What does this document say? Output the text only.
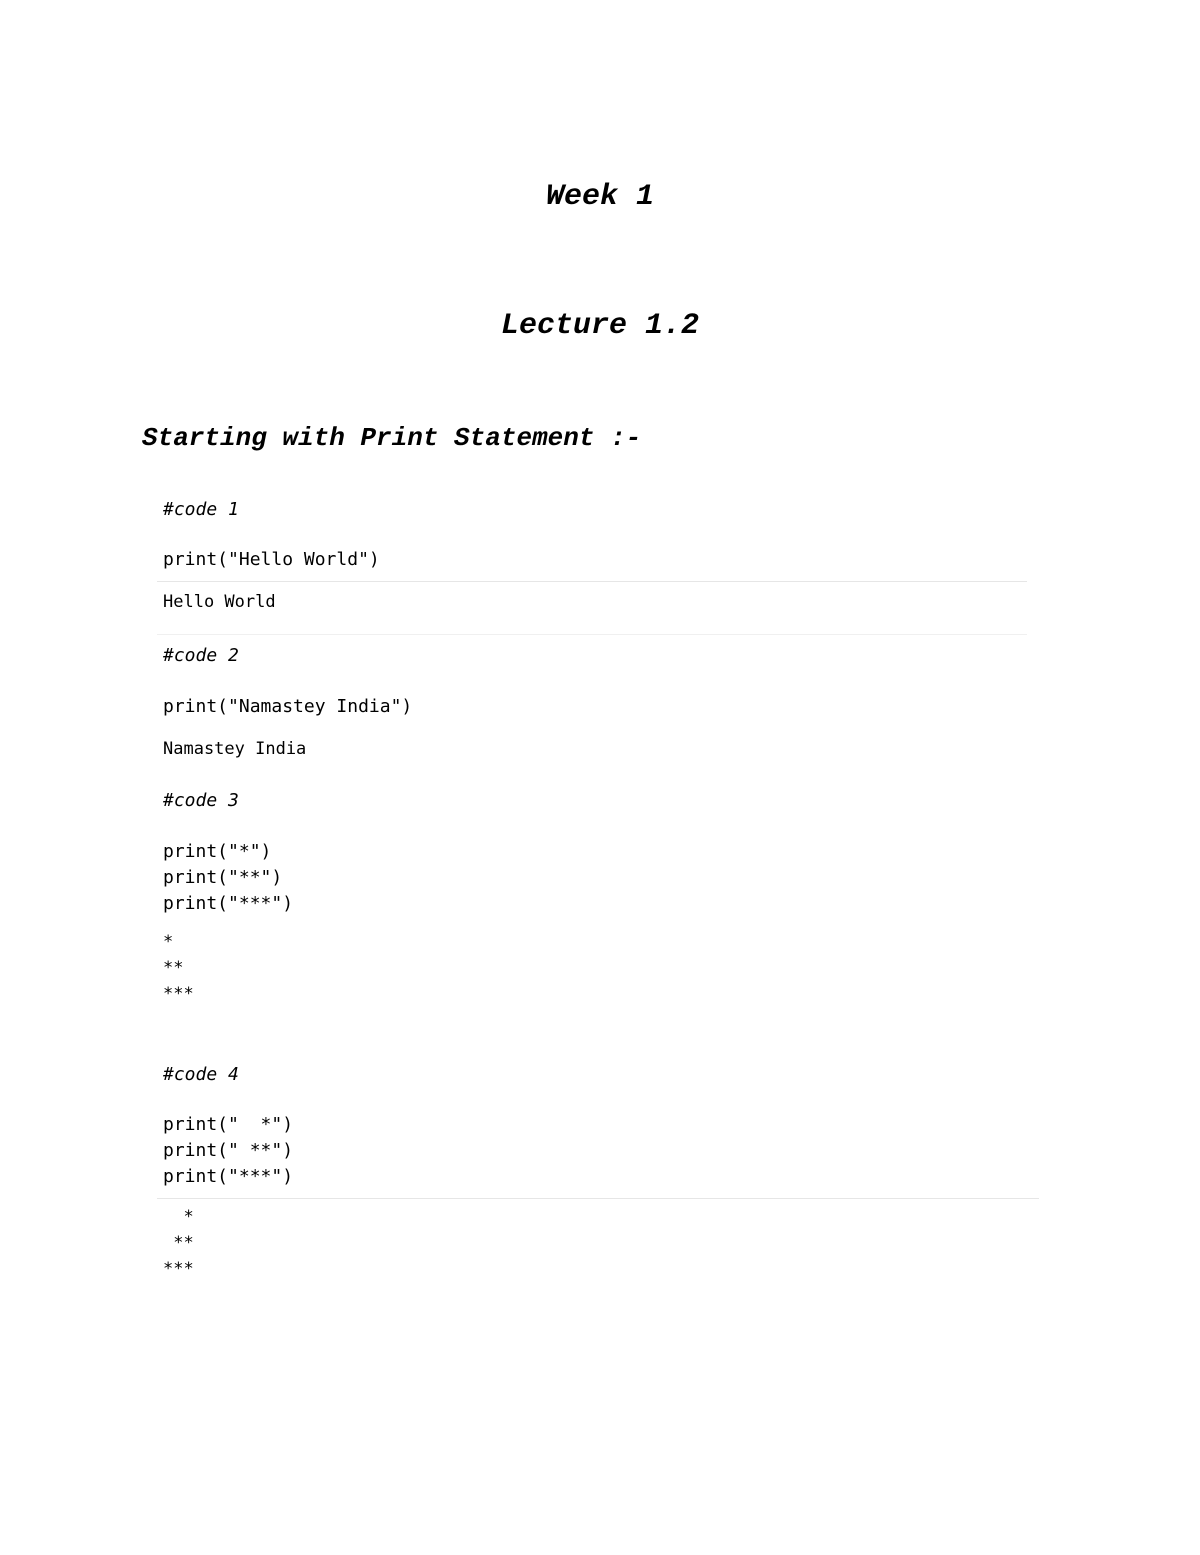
Week 1
Lecture 1.2
Starting with Print Statement :-
#code 1
print("Hello World")
Hello World
#code 2
print("Namastey India")
Namastey India
#code 3
print("*")
print("**")
print("***")
*
**
***
#code 4
print("  *")
print(" **")
print("***")
*
**
***
